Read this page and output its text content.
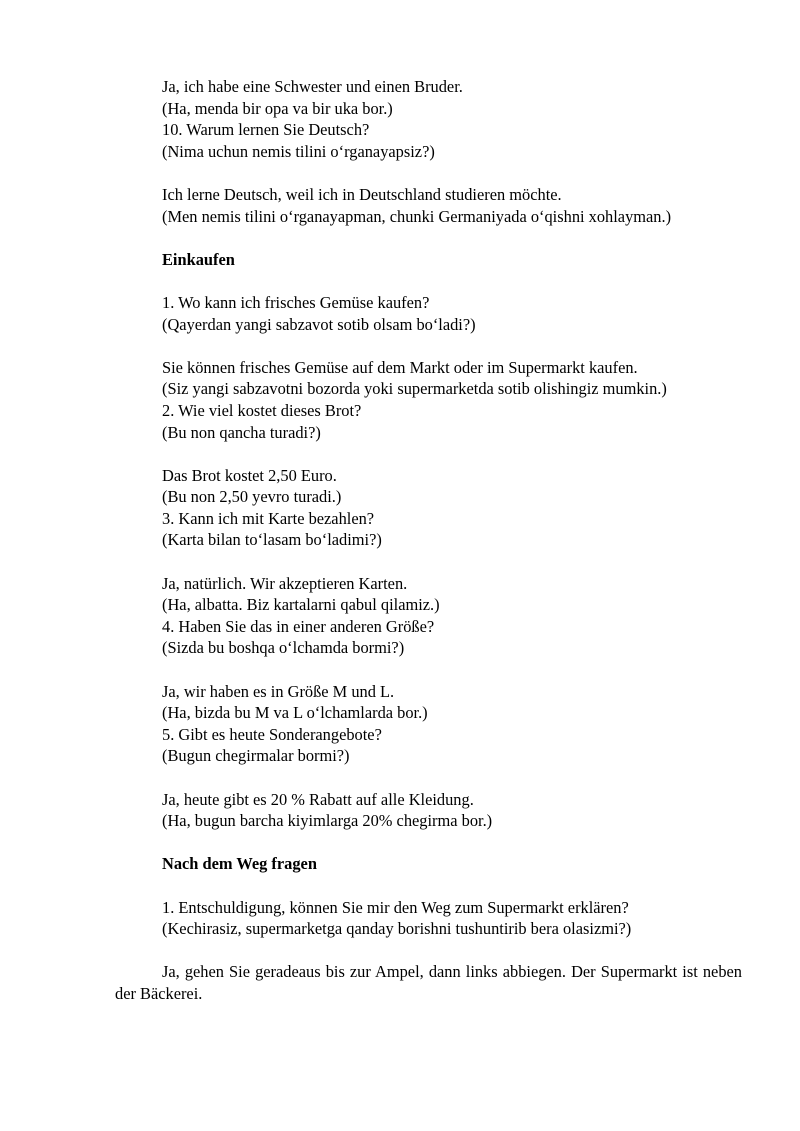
Ja, ich habe eine Schwester und einen Bruder.
(Ha, menda bir opa va bir uka bor.)
10. Warum lernen Sie Deutsch?
(Nima uchun nemis tilini o‘rganayapsiz?)
Ich lerne Deutsch, weil ich in Deutschland studieren möchte.

(Men nemis tilini o‘rganayapman, chunki Germaniyada o‘qishni xohlayman.)

Einkaufen
1. Wo kann ich frisches Gemüse kaufen?
(Qayerdan yangi sabzavot sotib olsam bo‘ladi?)
Sie können frisches Gemüse auf dem Markt oder im Supermarkt kaufen.
(Siz yangi sabzavotni bozorda yoki supermarketda sotib olishingiz mumkin.)
2. Wie viel kostet dieses Brot?
(Bu non qancha turadi?)
Das Brot kostet 2,50 Euro.
(Bu non 2,50 yevro turadi.)
3. Kann ich mit Karte bezahlen?
(Karta bilan to‘lasam bo‘ladimi?)
Ja, natürlich. Wir akzeptieren Karten.
(Ha, albatta. Biz kartalarni qabul qilamiz.)
4. Haben Sie das in einer anderen Größe?
(Sizda bu boshqa o‘lchamda bormi?)
Ja, wir haben es in Größe M und L.
(Ha, bizda bu M va L o‘lchamlarda bor.)
5. Gibt es heute Sonderangebote?
(Bugun chegirmalar bormi?)
Ja, heute gibt es 20 % Rabatt auf alle Kleidung.
(Ha, bugun barcha kiyimlarga 20% chegirma bor.)
Nach dem Weg fragen
1. Entschuldigung, können Sie mir den Weg zum Supermarkt erklären?
(Kechirasiz, supermarketga qanday borishni tushuntirib bera olasizmi?)

Ja, gehen Sie geradeaus bis zur Ampel, dann links abbiegen. Der Supermarkt ist neben der Bäckerei.
